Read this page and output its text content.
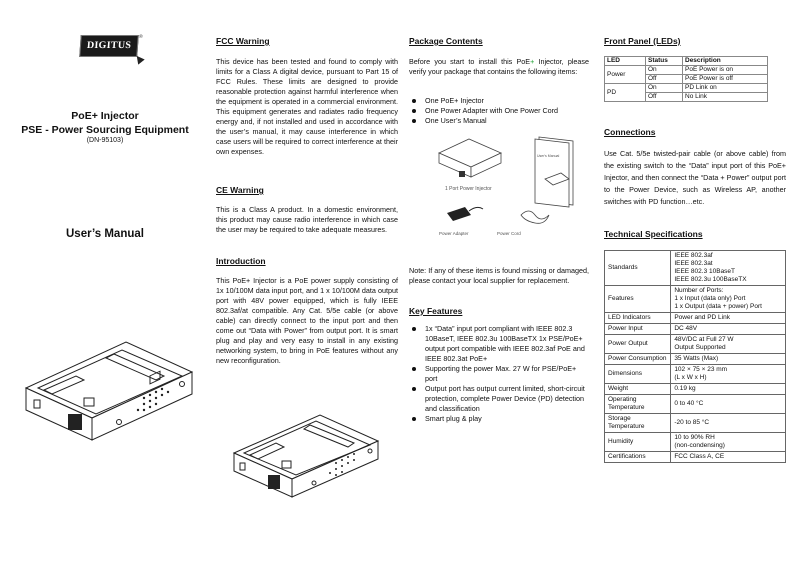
DIGITUS
®
PoE+ Injector
PSE - Power Sourcing Equipment
(DN-95103)
User’s Manual
FCC Warning

This device has been tested and found to comply with limits for a Class A digital device, pursuant to Part 15 of FCC Rules. These limits are designed to provide reasonable protection against harmful interference when the equipment is operated in a commercial environment. This equipment generates and radiates radio frequency energy and, if not installed and used in accordance with the user’s manual, it may cause interference in which case users will be required to correct interference at their own expenses.

CE Warning

This is a Class A product. In a domestic environment, this product may cause radio interference in which case the user may be required to take adequate measures.

Introduction

This PoE+ Injector is a PoE power supply consisting of 1x 10/100M data input port, and 1 x 10/100M data output port with 48V power equipped, which is fully IEEE 802.3af/at compatible. Any Cat. 5/5e cable (or above cable) can directly connect to the input port and then come out “Data with Power” from output port. It is smart plug and play and very easy to install in any existing networking system, to bring in PoE features without any new reconfiguration.

Package Contents

Before you start to install this PoE+ Injector, please verify your package that contains the following items:

One PoE+ Injector
One Power Adapter with One Power Cord
One User’s Manual
1 Port Power Injector
User's Manual
Power Adapter	Power Cord

Note: If any of these items is found missing or damaged, please contact your local supplier for replacement.

Key Features
1x “Data” input port compliant with IEEE 802.3 10BaseT, IEEE 802.3u 100BaseTX 1x PSE/PoE+ output port compatible with IEEE 802.3af PoE and IEEE 802.3at PoE+
Supporting the power Max. 27 W for PSE/PoE+ port
Output port has output current limited, short-circuit protection, complete Power Device (PD) detection and classification
Smart plug & play
Front Panel (LEDs)
LED	Status	Description
Power	On	PoE Power is on
	Off	PoE Power is off
PD	On	PD Link on
	Off	No Link
Connections

Use Cat. 5/5e twisted-pair cable (or above cable) from the existing switch to the “Data” input port of this PoE+ Injector, and then connect the “Data + Power” output port to the Power Device, such as Wireless AP, another switches with PD function…etc.

Technical Specifications
Standards	IEEE 802.3af
IEEE 802.3at
IEEE 802.3 10BaseT
IEEE 802.3u 100BaseTX

Features	Number of Ports:
1 x Input (data only) Port
1 x Output (data + power) Port

LED Indicators	Power and PD Link

Power Input	DC 48V

Power Output	48V/DC at Full 27 W
Output Supported

Power Consumption	35 Watts (Max)

Dimensions	102 × 75 × 23 mm
(L x W x H)

Weight	0.19 kg

Operating Temperature	0 to 40 °C

Storage Temperature	-20 to 85 °C

Humidity	10 to 90% RH
(non-condensing)

Certifications	FCC Class A, CE
